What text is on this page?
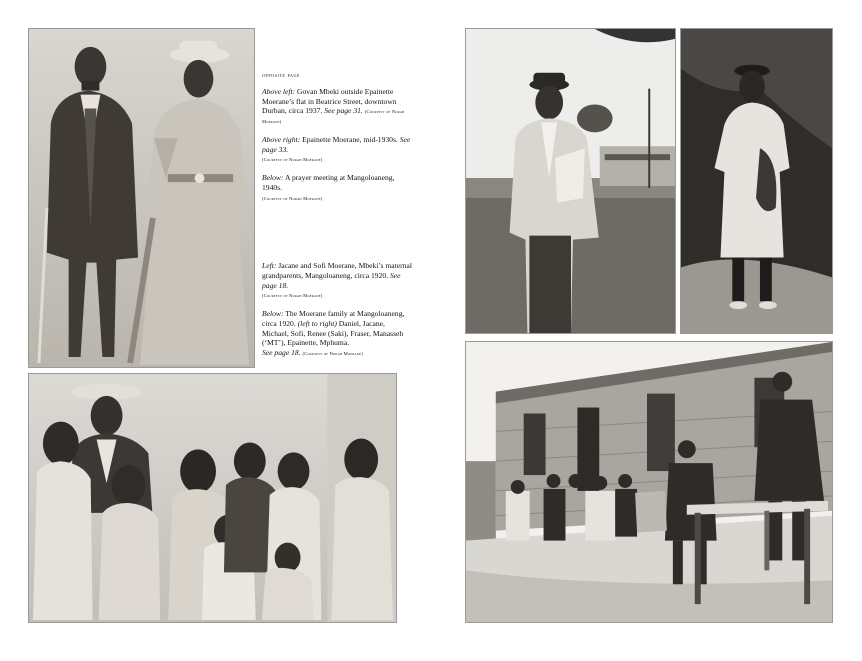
opposite page

Above left: Govan Mbeki outside Epainette Moerane’s flat in Beatrice Street, downtown Durban, circa 1937. See page 31. (Courtesy of Norah Moerane)

Above right: Epainette Moerane, mid-1930s. See page 33.
(Courtesy of Norah Moerane)

Below: A prayer meeting at Mangoloaneng, 1940s.
(Courtesy of Norah Moerane)

Left: Jacane and Sofi Moerane, Mbeki’s maternal grandparents, Mangoloaneng, circa 1920. See page 18.
(Courtesy of Norah Moerane)

Below: The Moerane family at Mangoloaneng, circa 1920. (left to right) Daniel, Jacane, Michael, Sofi, Renee (Saki), Fraser, Manasseh (‘MT’), Epainette, Mphuma.
See page 18. (Courtesy of Norah Moerane)
